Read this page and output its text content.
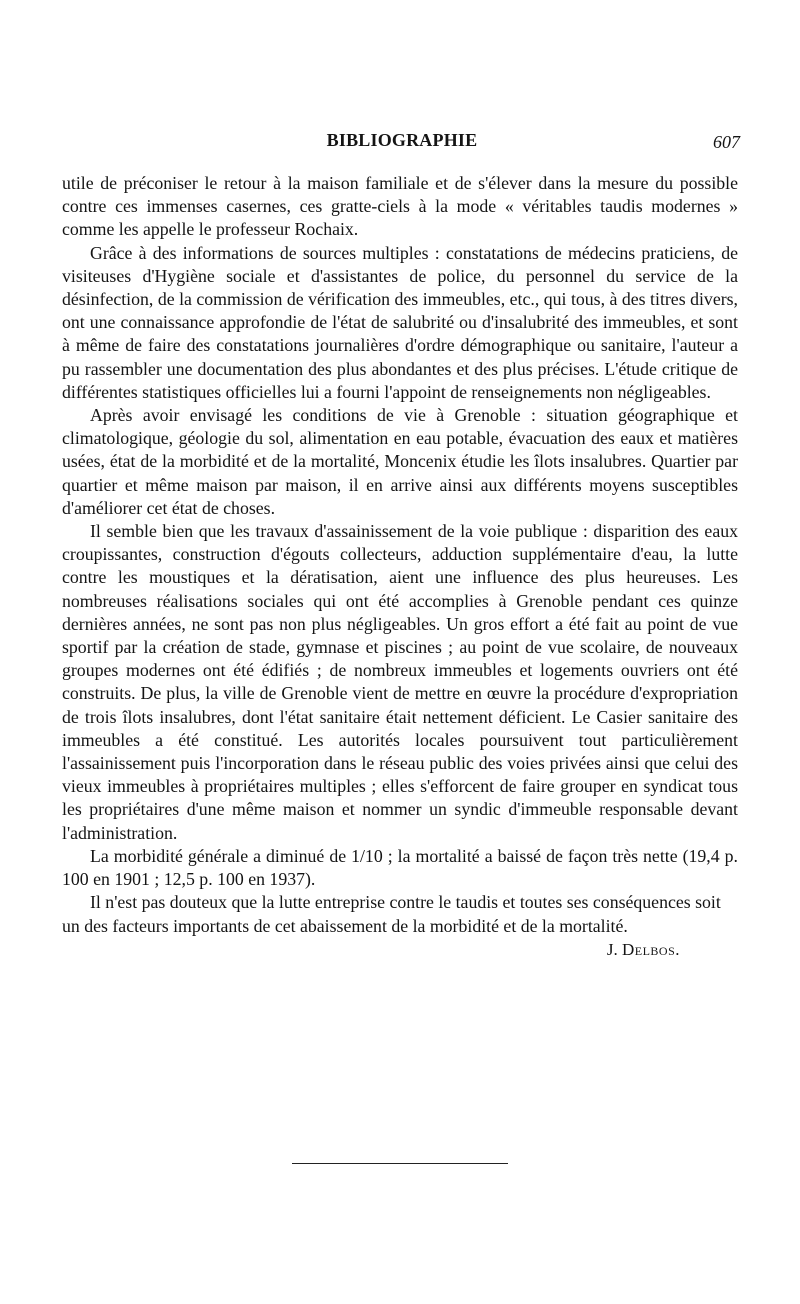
BIBLIOGRAPHIE	607

utile de préconiser le retour à la maison familiale et de s'élever dans la mesure du possible contre ces immenses casernes, ces gratte-ciels à la mode « véritables taudis modernes » comme les appelle le professeur Rochaix.

Grâce à des informations de sources multiples : constatations de médecins praticiens, de visiteuses d'Hygiène sociale et d'assistantes de police, du personnel du service de la désinfection, de la commission de vérification des immeubles, etc., qui tous, à des titres divers, ont une connaissance approfondie de l'état de salubrité ou d'insalubrité des immeubles, et sont à même de faire des constatations journalières d'ordre démographique ou sanitaire, l'auteur a pu rassembler une documentation des plus abondantes et des plus précises. L'étude critique de différentes statistiques officielles lui a fourni l'appoint de renseignements non négligeables.

Après avoir envisagé les conditions de vie à Grenoble : situation géographique et climatologique, géologie du sol, alimentation en eau potable, évacuation des eaux et matières usées, état de la morbidité et de la mortalité, Moncenix étudie les îlots insalubres. Quartier par quartier et même maison par maison, il en arrive ainsi aux différents moyens susceptibles d'améliorer cet état de choses.

Il semble bien que les travaux d'assainissement de la voie publique : disparition des eaux croupissantes, construction d'égouts collecteurs, adduction supplémentaire d'eau, la lutte contre les moustiques et la dératisation, aient une influence des plus heureuses. Les nombreuses réalisations sociales qui ont été accomplies à Grenoble pendant ces quinze dernières années, ne sont pas non plus négligeables. Un gros effort a été fait au point de vue sportif par la création de stade, gymnase et piscines ; au point de vue scolaire, de nouveaux groupes modernes ont été édifiés ; de nombreux immeubles et logements ouvriers ont été construits. De plus, la ville de Grenoble vient de mettre en œuvre la procédure d'expropriation de trois îlots insalubres, dont l'état sanitaire était nettement déficient. Le Casier sanitaire des immeubles a été constitué. Les autorités locales poursuivent tout particulièrement l'assainissement puis l'incorporation dans le réseau public des voies privées ainsi que celui des vieux immeubles à propriétaires multiples ; elles s'efforcent de faire grouper en syndicat tous les propriétaires d'une même maison et nommer un syndic d'immeuble responsable devant l'administration.

La morbidité générale a diminué de 1/10 ; la mortalité a baissé de façon très nette (19,4 p. 100 en 1901 ; 12,5 p. 100 en 1937).

Il n'est pas douteux que la lutte entreprise contre le taudis et toutes ses conséquences soit un des facteurs importants de cet abaissement de la morbidité et de la mortalité.
J. Delbos.
